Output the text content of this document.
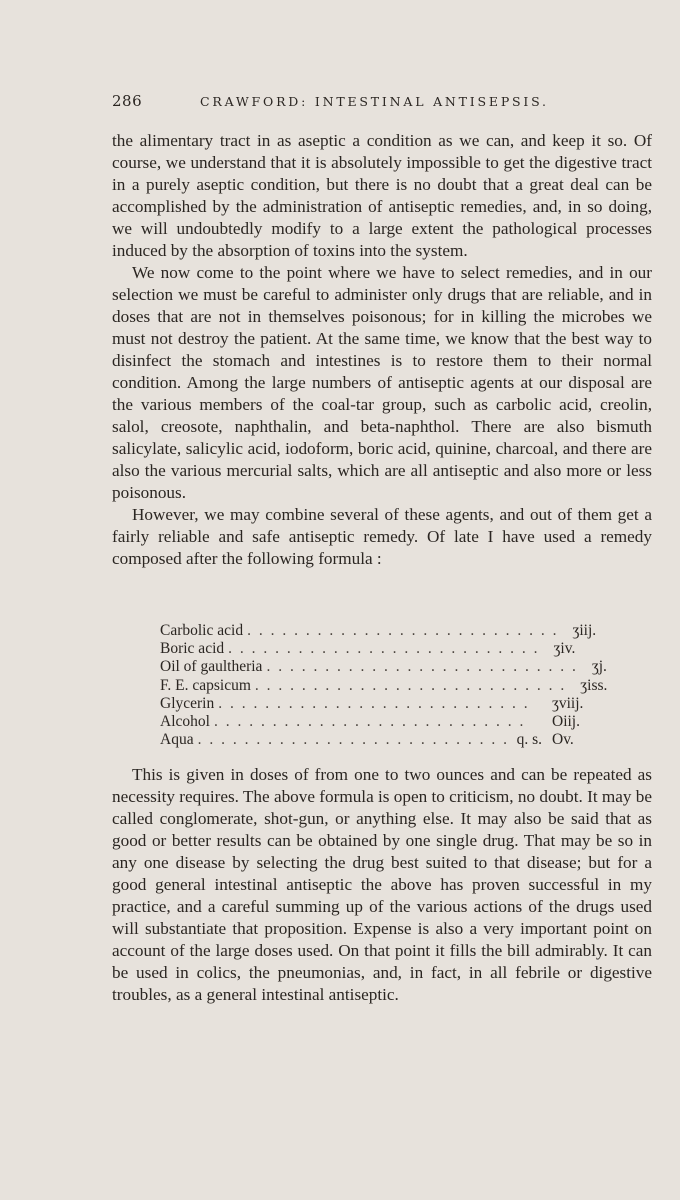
286	CRAWFORD: INTESTINAL ANTISEPSIS.

the alimentary tract in as aseptic a condition as we can, and keep it so. Of course, we understand that it is absolutely impossible to get the digestive tract in a purely aseptic condition, but there is no doubt that a great deal can be accomplished by the administration of antiseptic remedies, and, in so doing, we will undoubtedly modify to a large extent the pathological processes induced by the absorption of toxins into the system.

We now come to the point where we have to select remedies, and in our selection we must be careful to administer only drugs that are reliable, and in doses that are not in themselves poisonous; for in killing the microbes we must not destroy the patient. At the same time, we know that the best way to disinfect the stomach and intestines is to restore them to their normal condition. Among the large numbers of antiseptic agents at our disposal are the various members of the coal-tar group, such as carbolic acid, creolin, salol, creosote, naphthalin, and beta-naphthol. There are also bismuth salicylate, salicylic acid, iodoform, boric acid, quinine, charcoal, and there are also the various mercurial salts, which are all antiseptic and also more or less poisonous.

However, we may combine several of these agents, and out of them get a fairly reliable and safe antiseptic remedy. Of late I have used a remedy composed after the following formula :

Carbolic acid . . . . . . . . . . . . . . . . . . . . . . . . . . . ʒiij.
Boric acid . . . . . . . . . . . . . . . . . . . . . . . . . . . ʒiv.
Oil of gaultheria . . . . . . . . . . . . . . . . . . . . . . . . . . . ʒj.
F. E. capsicum . . . . . . . . . . . . . . . . . . . . . . . . . . . ʒiss.
Glycerin . . . . . . . . . . . . . . . . . . . . . . . . . . .	ʒviij.
Alcohol . . . . . . . . . . . . . . . . . . . . . . . . . . .	Oiij.
Aqua . . . . . . . . . . . . . . . . . . . . . . . . . . . q. s. Ov.

This is given in doses of from one to two ounces and can be repeated as necessity requires. The above formula is open to criticism, no doubt. It may be called conglomerate, shot-gun, or anything else. It may also be said that as good or better results can be obtained by one single drug. That may be so in any one disease by selecting the drug best suited to that disease; but for a good general intestinal antiseptic the above has proven successful in my practice, and a careful summing up of the various actions of the drugs used will substantiate that proposition. Expense is also a very important point on account of the large doses used. On that point it fills the bill admirably. It can be used in colics, the pneumonias, and, in fact, in all febrile or digestive troubles, as a general intestinal antiseptic.
